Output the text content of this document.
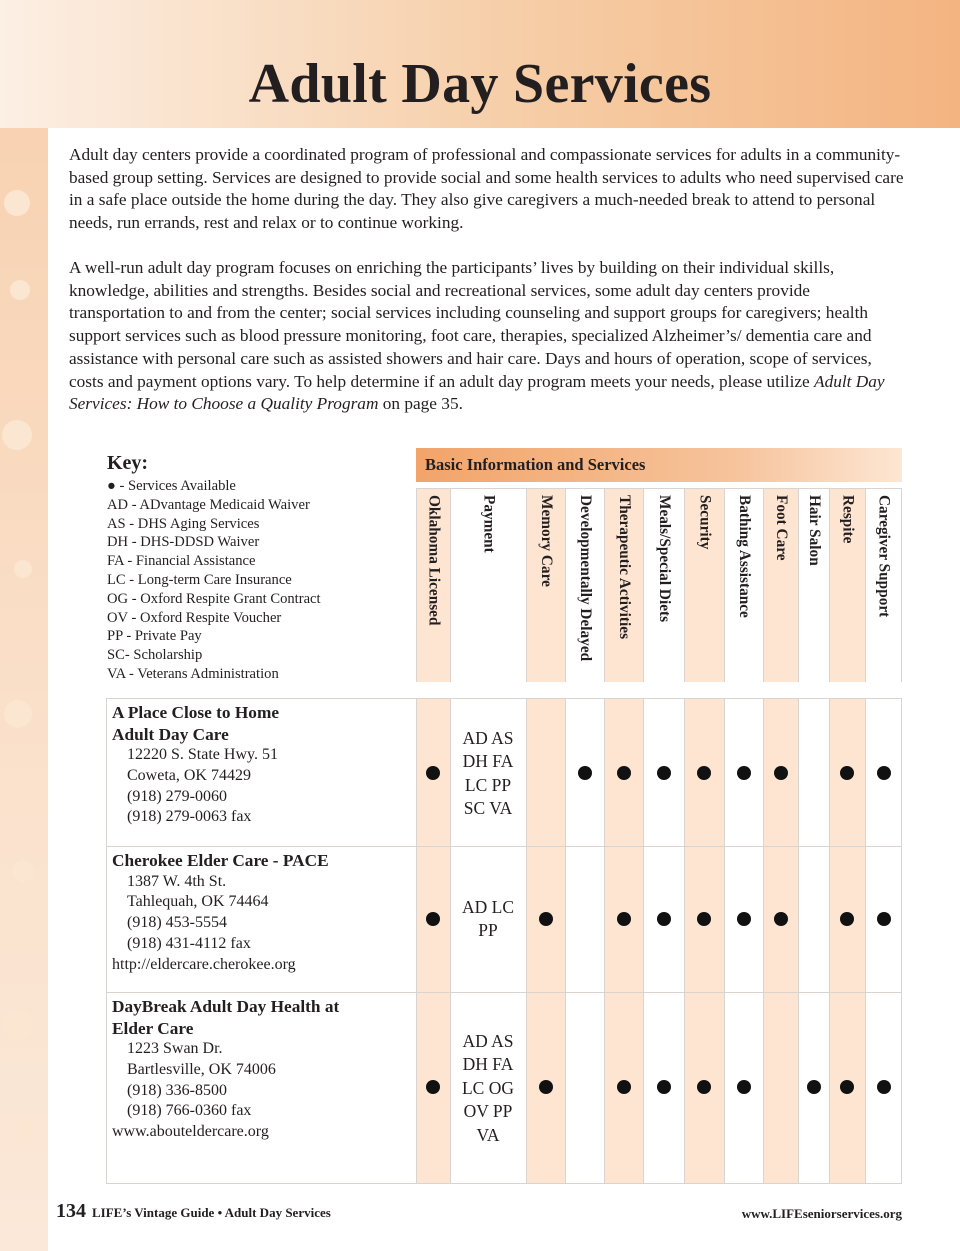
Adult Day Services
Adult day centers provide a coordinated program of professional and compassionate services for adults in a community-based group setting. Services are designed to provide social and some health services to adults who need supervised care in a safe place outside the home during the day. They also give caregivers a much-needed break to attend to personal needs, run errands, rest and relax or to continue working.
A well-run adult day program focuses on enriching the participants’ lives by building on their individual skills, knowledge, abilities and strengths. Besides social and recreational services, some adult day centers provide transportation to and from the center; social services including counseling and support groups for caregivers; health support services such as blood pressure monitoring, foot care, therapies, specialized Alzheimer’s/ dementia care and assistance with personal care such as assisted showers and hair care. Days and hours of operation, scope of services, costs and payment options vary. To help determine if an adult day program meets your needs, please utilize Adult Day Services: How to Choose a Quality Program on page 35.
Key:
● - Services Available
AD - ADvantage Medicaid Waiver
AS - DHS Aging Services
DH - DHS-DDSD Waiver
FA - Financial Assistance
LC - Long-term Care Insurance
OG - Oxford Respite Grant Contract
OV - Oxford Respite Voucher
PP - Private Pay
SC- Scholarship
VA - Veterans Administration
Basic Information and Services
Oklahoma Licensed Payment	Memory Care Developmentally Delayed Therapeutic Activities Meals/Special Diets Security Bathing Assistance Foot Care Hair Salon Respite Caregiver Support
A Place Close to Home
Adult Day Care
12220 S. State Hwy. 51
Coweta, OK 74429
(918) 279-0060
(918) 279-0063 fax
AD AS
DH FA
LC PP
SC VA
Cherokee Elder Care - PACE
1387 W. 4th St.
Tahlequah, OK 74464
(918) 453-5554
(918) 431-4112 fax
http://eldercare.cherokee.org
AD LC
PP
DayBreak Adult Day Health at
Elder Care
1223 Swan Dr.
Bartlesville, OK 74006
(918) 336-8500
(918) 766-0360 fax
www.abouteldercare.org
AD AS
DH FA
LC OG
OV PP
VA
134 LIFE’s Vintage Guide • Adult Day Services	www.LIFEseniorservices.org
